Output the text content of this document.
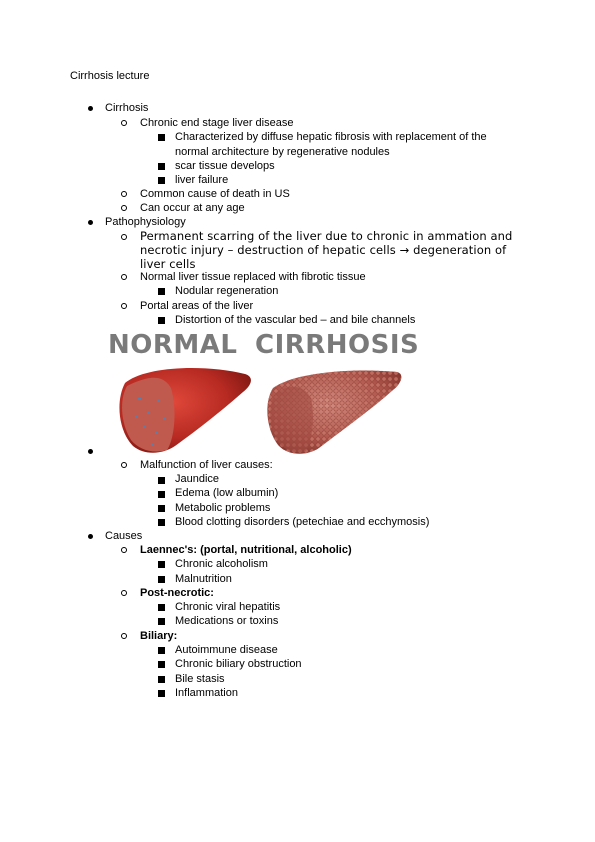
Cirrhosis lecture
Cirrhosis
Chronic end stage liver disease
Characterized by diffuse hepatic fibrosis with replacement of the
normal architecture by regenerative nodules
scar tissue develops
liver failure
Common cause of death in US
Can occur at any age
Pathophysiology
Permanent scarring of the liver due to chronic in ammation and
necrotic injury – destruction of hepatic cells → degeneration of
liver cells
Normal liver tissue replaced with fibrotic tissue
Nodular regeneration
Portal areas of the liver
Distortion of the vascular bed – and bile channels
NORMAL CIRRHOSIS
Malfunction of liver causes:
Jaundice
Edema (low albumin)
Metabolic problems
Blood clotting disorders (petechiae and ecchymosis)
Causes
Laennec's: (portal, nutritional, alcoholic)
Chronic alcoholism
Malnutrition
Post-necrotic:
Chronic viral hepatitis
Medications or toxins
Biliary:
Autoimmune disease
Chronic biliary obstruction
Bile stasis
Inflammation
